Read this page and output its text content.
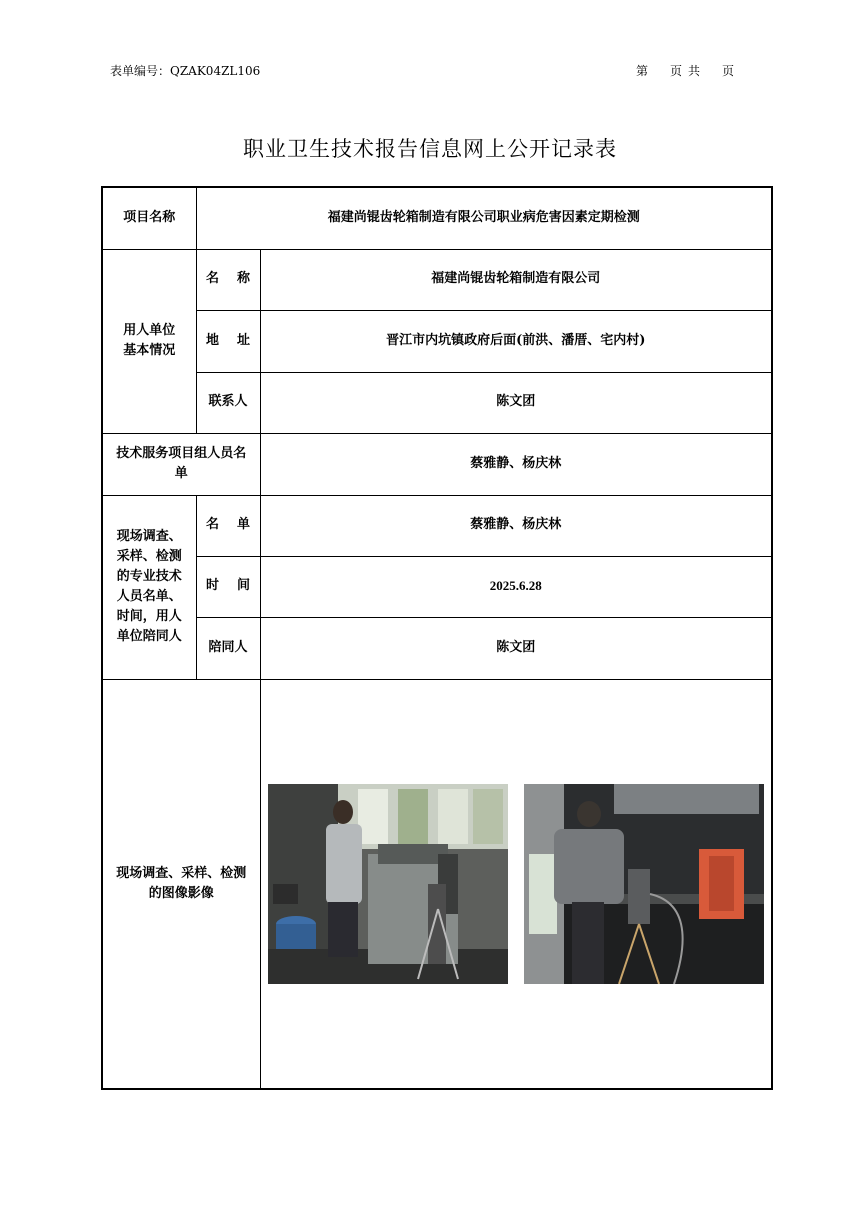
表单编号：QZAK04ZL106	第 页 共 页
职业卫生技术报告信息网上公开记录表
项目名称	福建尚锟齿轮箱制造有限公司职业病危害因素定期检测	
用人单位基本情况	名 称	福建尚锟齿轮箱制造有限公司
	地 址	晋江市内坑镇政府后面(前洪、潘厝、宅内村)
	联系人	陈文团
技术服务项目组人员名单		蔡雅静、杨庆林
现场调查、采样、检测的专业技术人员名单、时间，用人单位陪同人	名 单	蔡雅静、杨庆林
	时 间	2025.6.28
	陪同人	陈文团
现场调查、采样、检测的图像影像	
